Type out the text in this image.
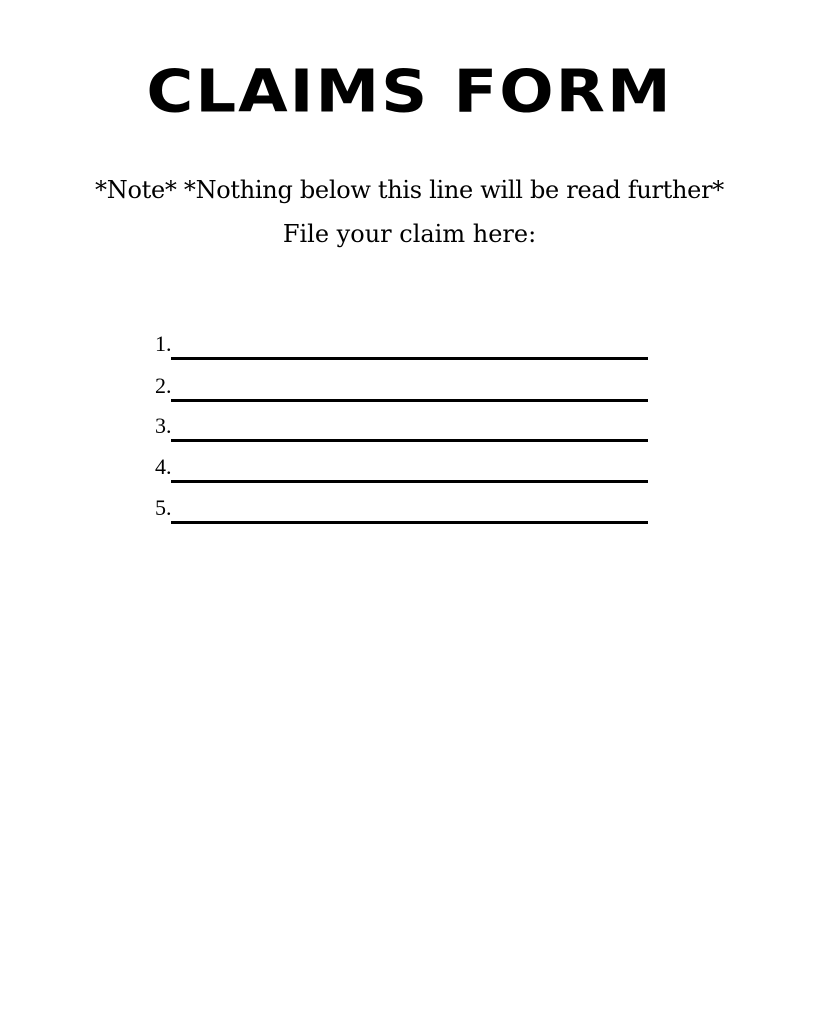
CLAIMS FORM
*Note* *Nothing below this line will be read further*
File your claim here:
1.
2.
3.
4.
5.
